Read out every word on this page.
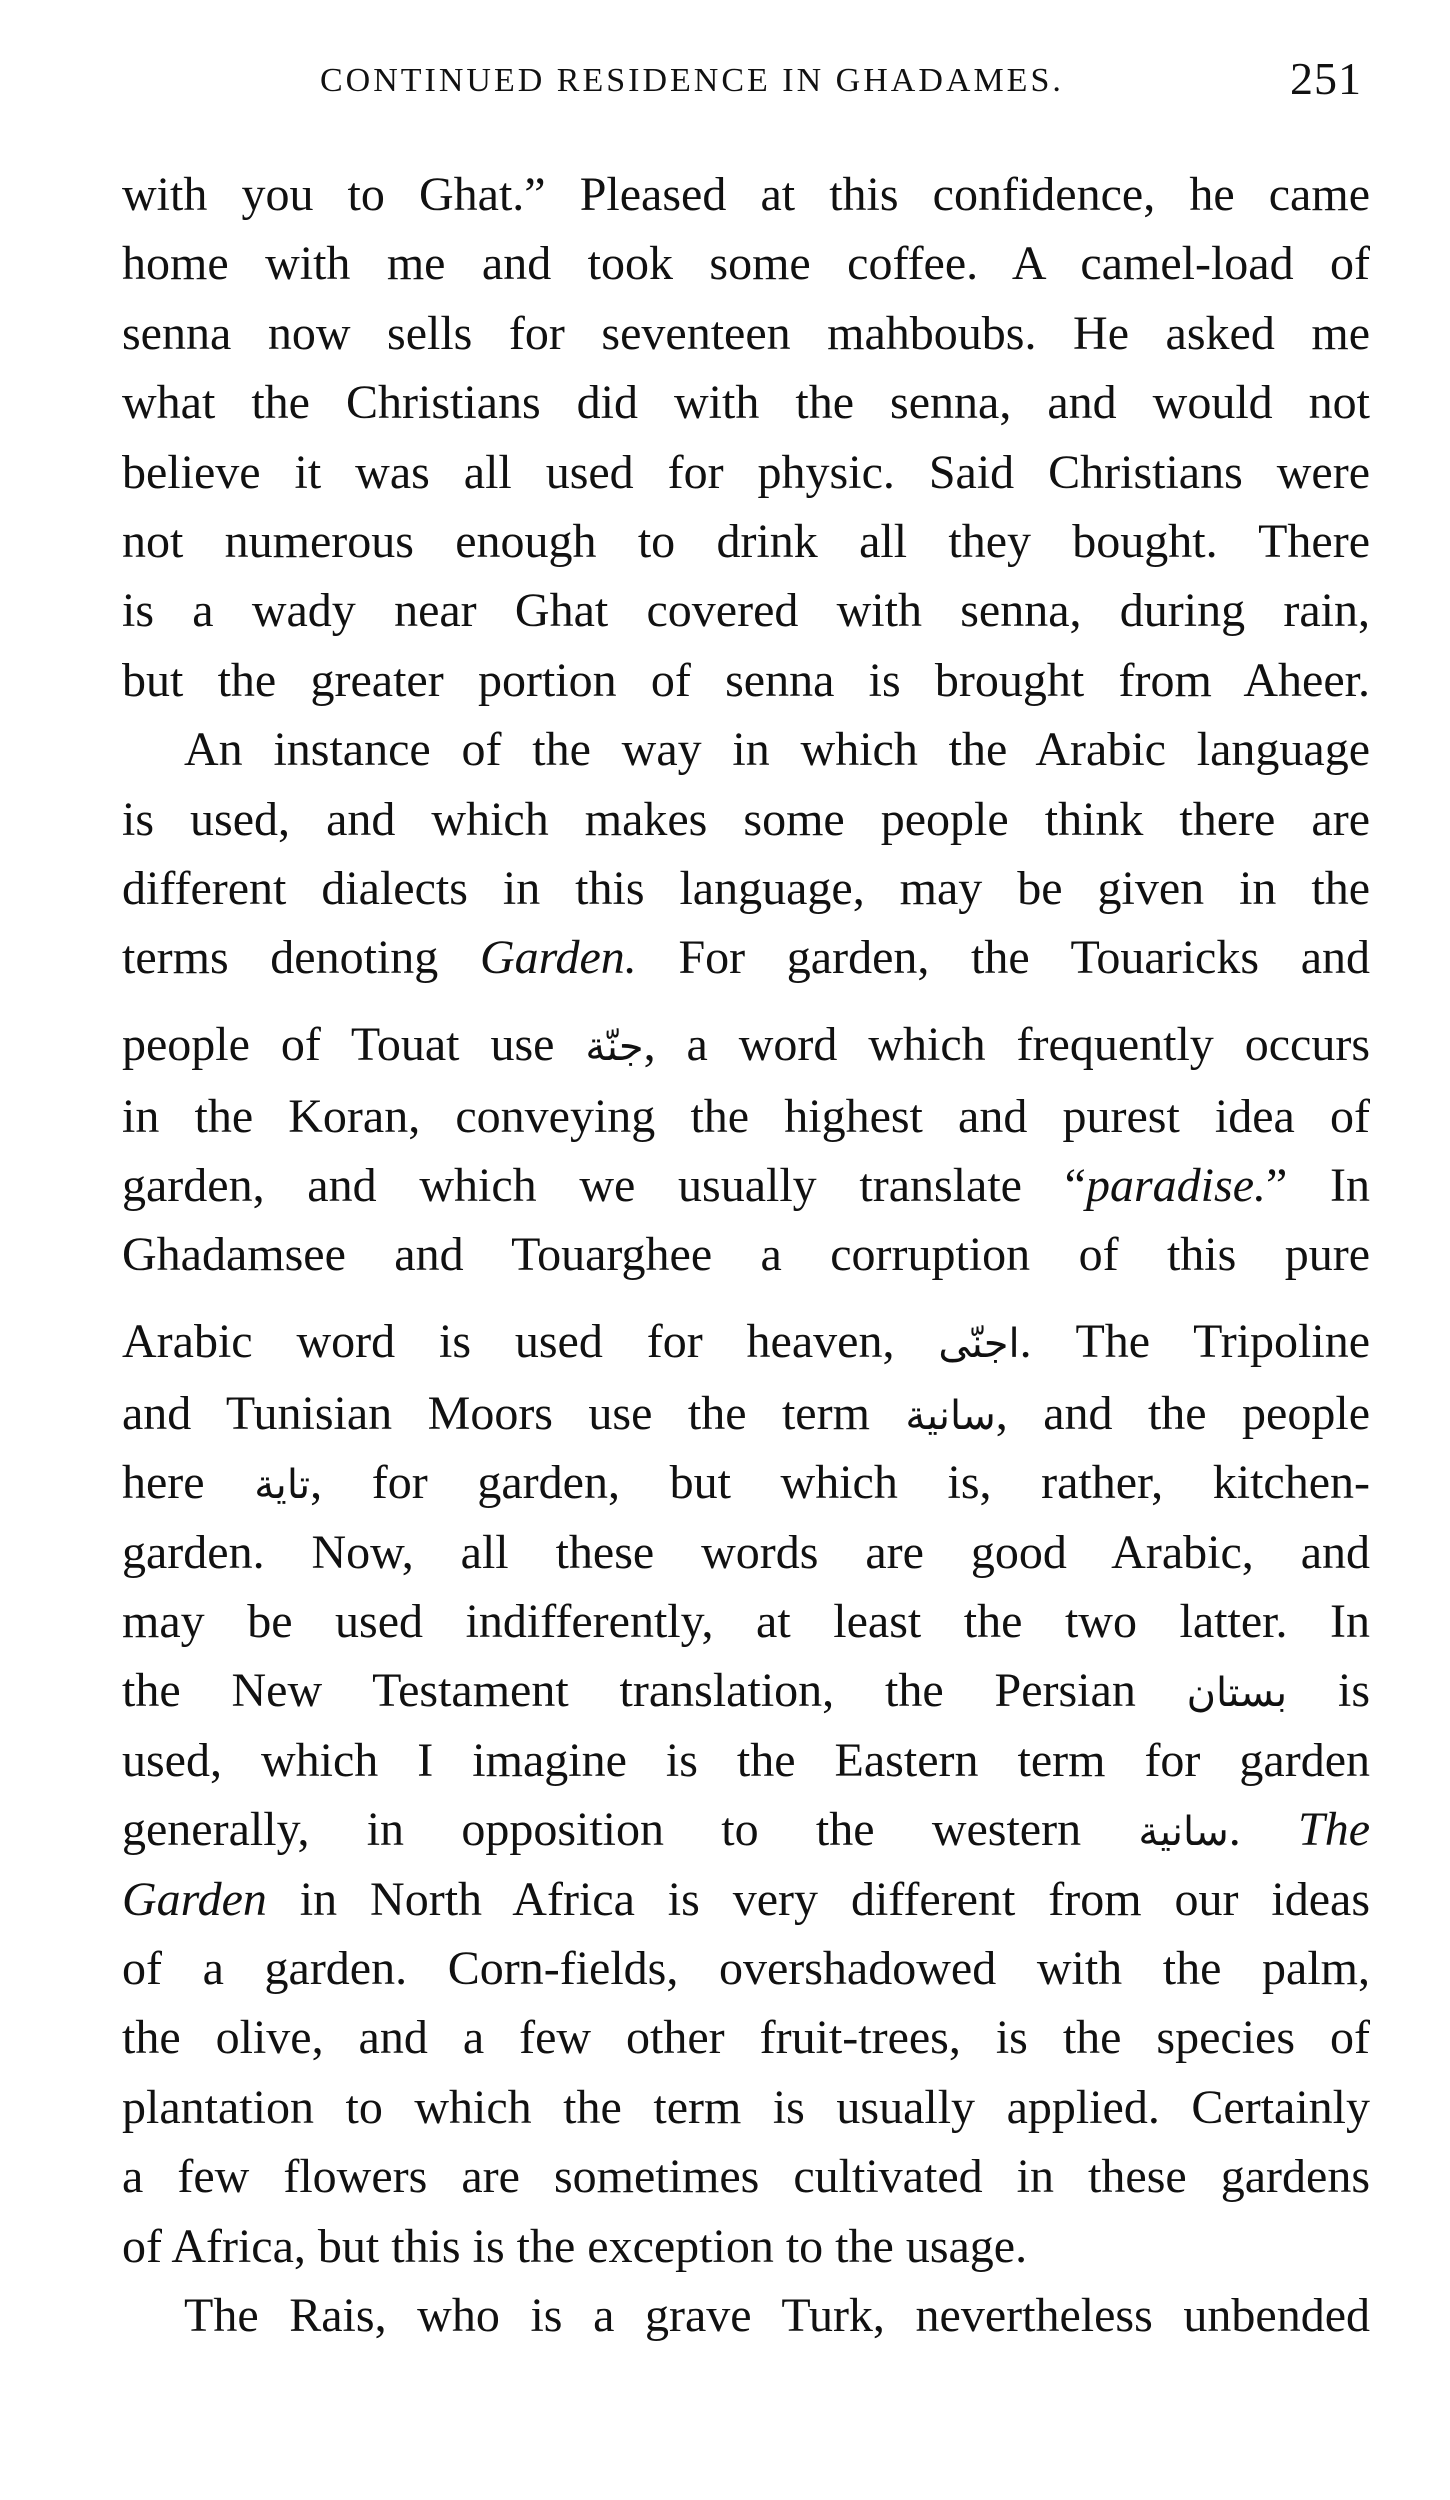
CONTINUED RESIDENCE IN GHADAMES.	251
with you to Ghat.” Pleased at this confidence, he came
home with me and took some coffee. A camel-load of
senna now sells for seventeen mahboubs. He asked me
what the Christians did with the senna, and would not
believe it was all used for physic. Said Christians were
not numerous enough to drink all they bought. There
is a wady near Ghat covered with senna, during rain,
but the greater portion of senna is brought from Aheer.
An instance of the way in which the Arabic language
is used, and which makes some people think there are
different dialects in this language, may be given in the
terms denoting Garden. For garden, the Touaricks and
people of Touat use جنّة, a word which frequently occurs
in the Koran, conveying the highest and purest idea of
garden, and which we usually translate “paradise.” In
Ghadamsee and Touarghee a corruption of this pure
Arabic word is used for heaven, اجنّى. The Tripoline
and Tunisian Moors use the term سانية, and the people
here تاية, for garden, but which is, rather, kitchen-
garden. Now, all these words are good Arabic, and
may be used indifferently, at least the two latter. In
the New Testament translation, the Persian بستان is
used, which I imagine is the Eastern term for garden
generally, in opposition to the western سانية. The
Garden in North Africa is very different from our ideas
of a garden. Corn-fields, overshadowed with the palm,
the olive, and a few other fruit-trees, is the species of
plantation to which the term is usually applied. Certainly
a few flowers are sometimes cultivated in these gardens
of Africa, but this is the exception to the usage.
The Rais, who is a grave Turk, nevertheless unbended
